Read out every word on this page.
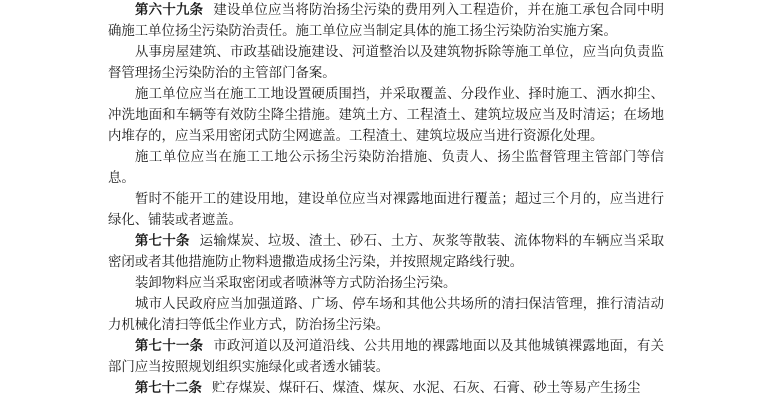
第六十九条 建设单位应当将防治扬尘污染的费用列入工程造价，并在施工承包合同中明确施工单位扬尘污染防治责任。施工单位应当制定具体的施工扬尘污染防治实施方案。

从事房屋建筑、市政基础设施建设、河道整治以及建筑物拆除等施工单位，应当向负责监督管理扬尘污染防治的主管部门备案。

施工单位应当在施工工地设置硬质围挡，并采取覆盖、分段作业、择时施工、洒水抑尘、冲洗地面和车辆等有效防尘降尘措施。建筑土方、工程渣土、建筑垃圾应当及时清运；在场地内堆存的，应当采用密闭式防尘网遮盖。工程渣土、建筑垃圾应当进行资源化处理。

施工单位应当在施工工地公示扬尘污染防治措施、负责人、扬尘监督管理主管部门等信息。

暂时不能开工的建设用地，建设单位应当对裸露地面进行覆盖；超过三个月的，应当进行绿化、铺装或者遮盖。

第七十条 运输煤炭、垃圾、渣土、砂石、土方、灰浆等散装、流体物料的车辆应当采取密闭或者其他措施防止物料遗撒造成扬尘污染，并按照规定路线行驶。

装卸物料应当采取密闭或者喷淋等方式防治扬尘污染。

城市人民政府应当加强道路、广场、停车场和其他公共场所的清扫保洁管理，推行清洁动力机械化清扫等低尘作业方式，防治扬尘污染。

第七十一条 市政河道以及河道沿线、公共用地的裸露地面以及其他城镇裸露地面，有关部门应当按照规划组织实施绿化或者透水铺装。

第七十二条 贮存煤炭、煤矸石、煤渣、煤灰、水泥、石灰、石膏、砂土等易产生扬尘
